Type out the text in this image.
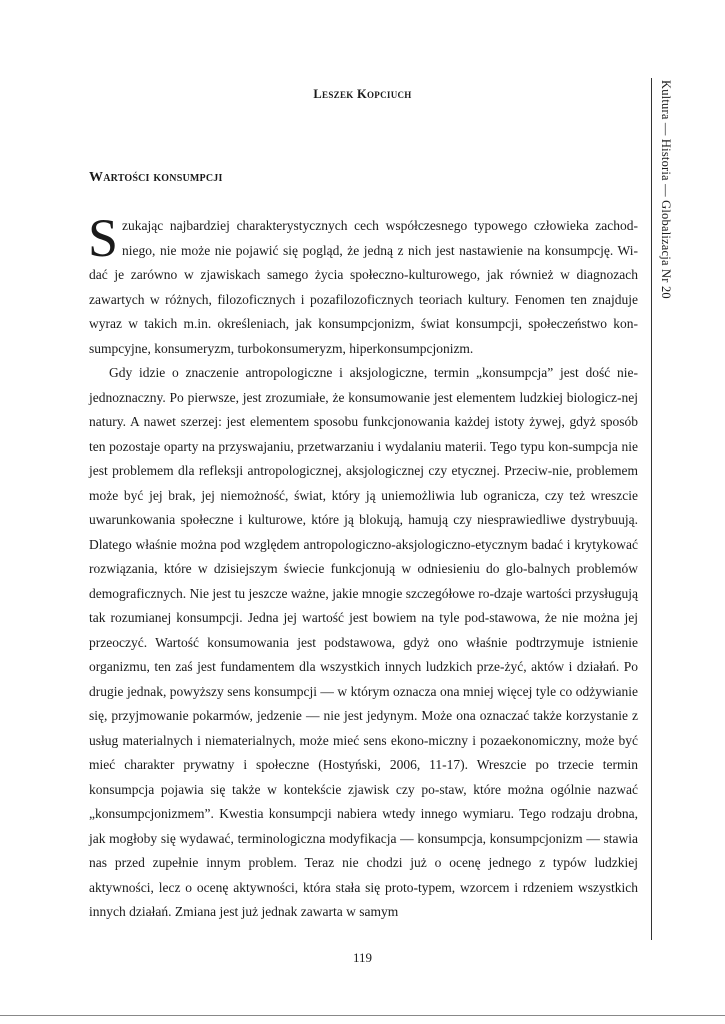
Leszek Kopciuch
Wartości konsumpcji

Szukając najbardziej charakterystycznych cech współczesnego typowego człowieka zachod-niego, nie może nie pojawić się pogląd, że jedną z nich jest nastawienie na konsumpcję. Wi-dać je zarówno w zjawiskach samego życia społeczno-kulturowego, jak również w diagnozach zawartych w różnych, filozoficznych i pozafilozoficznych teoriach kultury. Fenomen ten znajduje wyraz w takich m.in. określeniach, jak konsumpcjonizm, świat konsumpcji, społeczeństwo kon-sumpcyjne, konsumeryzm, turbokonsumeryzm, hiperkonsumpcjonizm.

Gdy idzie o znaczenie antropologiczne i aksjologiczne, termin „konsumpcja” jest dość nie-jednoznaczny. Po pierwsze, jest zrozumiałe, że konsumowanie jest elementem ludzkiej biologicz-nej natury. A nawet szerzej: jest elementem sposobu funkcjonowania każdej istoty żywej, gdyż sposób ten pozostaje oparty na przyswajaniu, przetwarzaniu i wydalaniu materii. Tego typu kon-sumpcja nie jest problemem dla refleksji antropologicznej, aksjologicznej czy etycznej. Przeciw-nie, problemem może być jej brak, jej niemożność, świat, który ją uniemożliwia lub ogranicza, czy też wreszcie uwarunkowania społeczne i kulturowe, które ją blokują, hamują czy niesprawiedliwe dystrybuują. Dlatego właśnie można pod względem antropologiczno-aksjologiczno-etycznym badać i krytykować rozwiązania, które w dzisiejszym świecie funkcjonują w odniesieniu do glo-balnych problemów demograficznych. Nie jest tu jeszcze ważne, jakie mnogie szczegółowe ro-dzaje wartości przysługują tak rozumianej konsumpcji. Jedna jej wartość jest bowiem na tyle pod-stawowa, że nie można jej przeoczyć. Wartość konsumowania jest podstawowa, gdyż ono właśnie podtrzymuje istnienie organizmu, ten zaś jest fundamentem dla wszystkich innych ludzkich prze-żyć, aktów i działań. Po drugie jednak, powyższy sens konsumpcji — w którym oznacza ona mniej więcej tyle co odżywianie się, przyjmowanie pokarmów, jedzenie — nie jest jedynym. Może ona oznaczać także korzystanie z usług materialnych i niematerialnych, może mieć sens ekono-miczny i pozaekonomiczny, może być mieć charakter prywatny i społeczne (Hostyński, 2006, 11-17). Wreszcie po trzecie termin konsumpcja pojawia się także w kontekście zjawisk czy po-staw, które można ogólnie nazwać „konsumpcjonizmem”. Kwestia konsumpcji nabiera wtedy innego wymiaru. Tego rodzaju drobna, jak mogłoby się wydawać, terminologiczna modyfikacja — konsumpcja, konsumpcjonizm — stawia nas przed zupełnie innym problem. Teraz nie chodzi już o ocenę jednego z typów ludzkiej aktywności, lecz o ocenę aktywności, która stała się proto-typem, wzorcem i rdzeniem wszystkich innych działań. Zmiana jest już jednak zawarta w samym

Kultura — Historia — Globalizacja Nr 20
119
